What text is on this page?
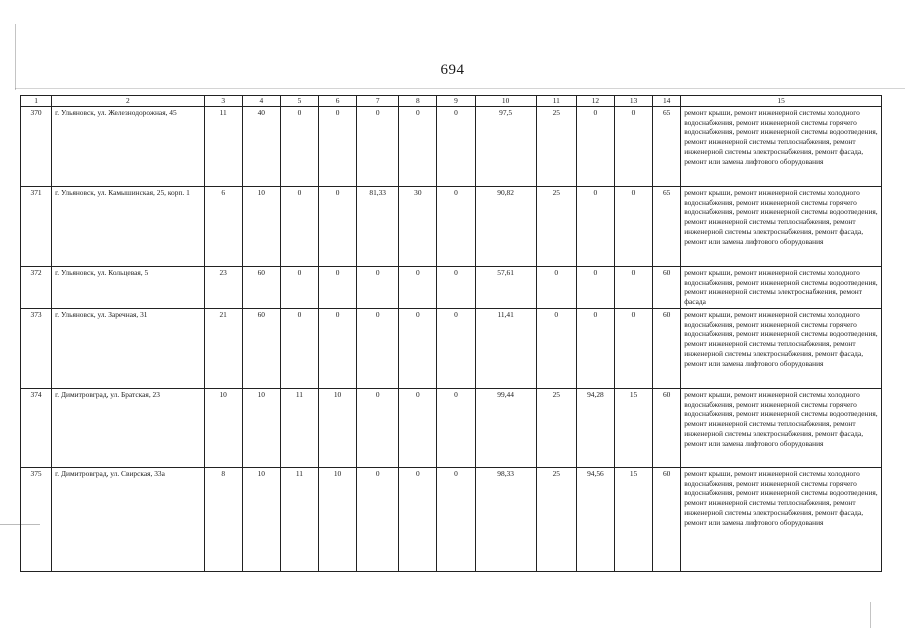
694
1	2	3	4	5	6	7	8	9	10	11	12	13	14	15
370	г. Ульяновск, ул. Железнодорожная, 45	11	40	0	0	0	0	0	97,5	25	0	0	65	ремонт крыши, ремонт инженерной системы холодного водоснабжения, ремонт инженерной системы горячего водоснабжения, ремонт инженерной системы водоотведения, ремонт инженерной системы теплоснабжения, ремонт инженерной системы электроснабжения, ремонт фасада, ремонт или замена лифтового оборудования
371	г. Ульяновск, ул. Камышинская, 25, корп. 1	6	10	0	0	81,33	30	0	90,82	25	0	0	65	ремонт крыши, ремонт инженерной системы холодного водоснабжения, ремонт инженерной системы горячего водоснабжения, ремонт инженерной системы водоотведения, ремонт инженерной системы теплоснабжения, ремонт инженерной системы электроснабжения, ремонт фасада, ремонт или замена лифтового оборудования
372	г. Ульяновск, ул. Кольцевая, 5	23	60	0	0	0	0	0	57,61	0	0	0	60	ремонт крыши, ремонт инженерной системы холодного водоснабжения, ремонт инженерной системы водоотведения, ремонт инженерной системы электроснабжения, ремонт фасада
373	г. Ульяновск, ул. Заречная, 31	21	60	0	0	0	0	0	11,41	0	0	0	60	ремонт крыши, ремонт инженерной системы холодного водоснабжения, ремонт инженерной системы горячего водоснабжения, ремонт инженерной системы водоотведения, ремонт инженерной системы теплоснабжения, ремонт инженерной системы электроснабжения, ремонт фасада, ремонт или замена лифтового оборудования
374	г. Димитровград, ул. Братская, 23	10	10	11	10	0	0	0	99,44	25	94,28	15	60	ремонт крыши, ремонт инженерной системы холодного водоснабжения, ремонт инженерной системы горячего водоснабжения, ремонт инженерной системы водоотведения, ремонт инженерной системы теплоснабжения, ремонт инженерной системы электроснабжения, ремонт фасада, ремонт или замена лифтового оборудования
375	г. Димитровград, ул. Свирская, 33а	8	10	11	10	0	0	0	98,33	25	94,56	15	60	ремонт крыши, ремонт инженерной системы холодного водоснабжения, ремонт инженерной системы горячего водоснабжения, ремонт инженерной системы водоотведения, ремонт инженерной системы теплоснабжения, ремонт инженерной системы электроснабжения, ремонт фасада, ремонт или замена лифтового оборудования
